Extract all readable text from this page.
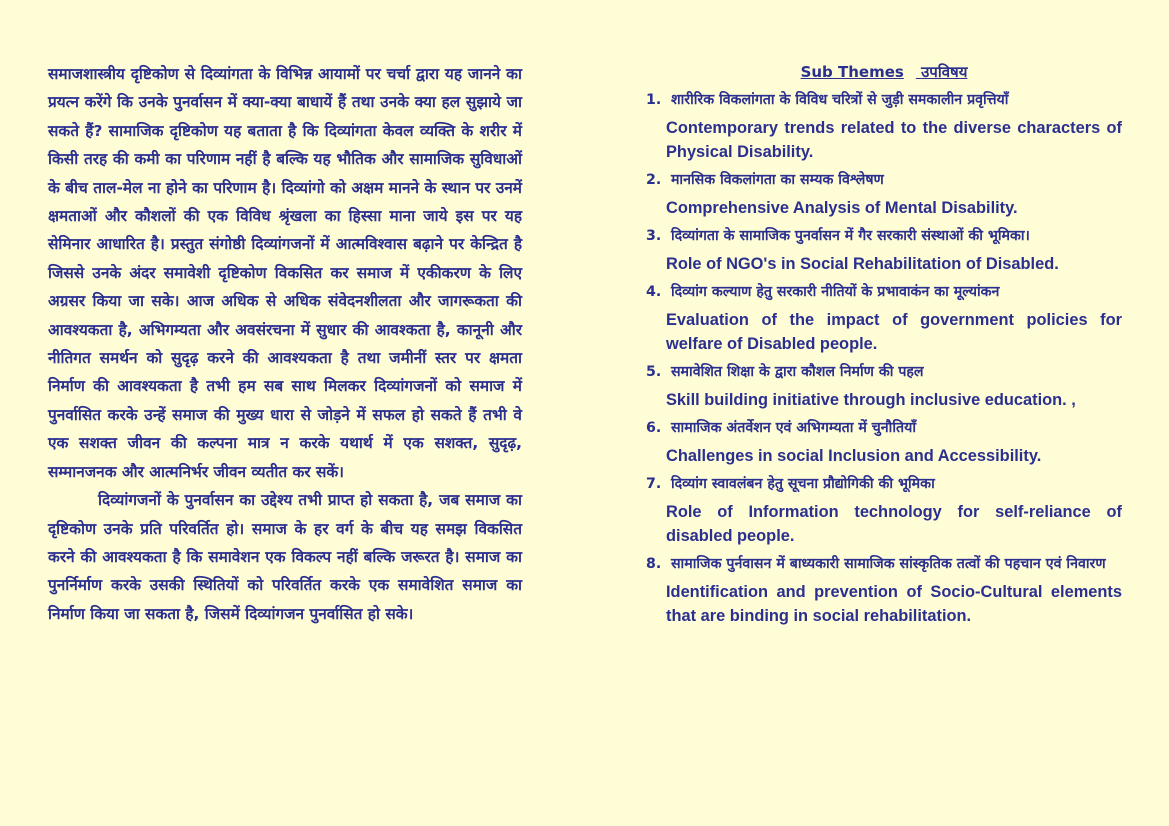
समाजशास्त्रीय दृष्टिकोण से दिव्यांगता के विभिन्न आयामों पर चर्चा द्वारा यह जानने का प्रयत्न करेंगे कि उनके पुनर्वासन में क्या-क्या बाधायें हैं तथा उनके क्या हल सुझाये जा सकते हैं? सामाजिक दृष्टिकोण यह बताता है कि दिव्यांगता केवल व्यक्ति के शरीर में किसी तरह की कमी का परिणाम नहीं है बल्कि यह भौतिक और सामाजिक सुविधाओं के बीच ताल-मेल ना होने का परिणाम है। दिव्यांगो को अक्षम मानने के स्थान पर उनमें क्षमताओं और कौशलों की एक विविध श्रृंखला का हिस्सा माना जाये इस पर यह सेमिनार आधारित है। प्रस्तुत संगोष्ठी दिव्यांगजनों में आत्मविश्वास बढ़ाने पर केन्द्रित है जिससे उनके अंदर समावेशी दृष्टिकोण विकसित कर समाज में एकीकरण के लिए अग्रसर किया जा सके। आज अधिक से अधिक संवेदनशीलता और जागरूकता की आवश्यकता है, अभिगम्यता और अवसंरचना में सुधार की आवश्कता है, कानूनी और नीतिगत समर्थन को सुदृढ़ करने की आवश्यकता है तथा जमीनीं स्तर पर क्षमता निर्माण की आवश्यकता है तभी हम सब साथ मिलकर दिव्यांगजनों को समाज में पुनर्वासित करके उन्हें समाज की मुख्य धारा से जोड़ने में सफल हो सकते हैं तभी वे एक सशक्त जीवन की कल्पना मात्र न करके यथार्थ में एक सशक्त, सुदृढ़, सम्मानजनक और आत्मनिर्भर जीवन व्यतीत कर सकें।

दिव्यांगजनों के पुनर्वासन का उद्देश्य तभी प्राप्त हो सकता है, जब समाज का दृष्टिकोण उनके प्रति परिवर्तित हो। समाज के हर वर्ग के बीच यह समझ विकसित करने की आवश्यकता है कि समावेशन एक विकल्प नहीं बल्कि जरूरत है। समाज का पुनर्निर्माण करके उसकी स्थितियों को परिवर्तित करके एक समावेशित समाज का निर्माण किया जा सकता है, जिसमें दिव्यांगजन पुनर्वासित हो सके।

Sub Themes उपविषय
1. शारीरिक विकलांगता के विविध चरित्रों से जुड़ी समकालीन प्रवृत्तियाँ
Contemporary trends related to the diverse characters of Physical Disability.
2. मानसिक विकलांगता का सम्यक विश्लेषण
Comprehensive Analysis of Mental Disability.
3. दिव्यांगता के सामाजिक पुनर्वासन में गैर सरकारी संस्थाओं की भूमिका।
Role of NGO's in Social Rehabilitation of Disabled.
4. दिव्यांग कल्याण हेतु सरकारी नीतियों के प्रभावाकंन का मूल्यांकन
Evaluation of the impact of government policies for welfare of Disabled people.
5. समावेशित शिक्षा के द्वारा कौशल निर्माण की पहल
Skill building initiative through inclusive education. ,
6. सामाजिक अंतर्वेशन एवं अभिगम्यता में चुनौतियाँ
Challenges in social Inclusion and Accessibility.
7. दिव्यांग स्वावलंबन हेतु सूचना प्रौद्योगिकी की भूमिका
Role of Information technology for self-reliance of disabled people.
8. सामाजिक पुर्नवासन में बाध्यकारी सामाजिक सांस्कृतिक तत्वों की पहचान एवं निवारण
Identification and prevention of Socio-Cultural elements that are binding in social rehabilitation.
